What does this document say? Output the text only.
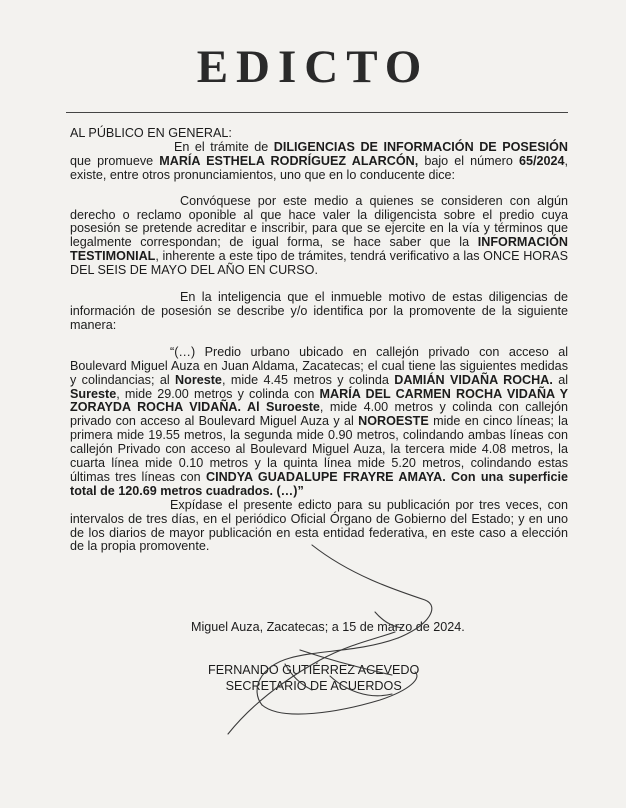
EDICTO

AL PÚBLICO EN GENERAL:

En el trámite de DILIGENCIAS DE INFORMACIÓN DE POSESIÓN que promueve MARÍA ESTHELA RODRÍGUEZ ALARCÓN, bajo el número 65/2024, existe, entre otros pronunciamientos, uno que en lo conducente dice:

Convóquese por este medio a quienes se consideren con algún derecho o reclamo oponible al que hace valer la diligencista sobre el predio cuya posesión se pretende acreditar e inscribir, para que se ejercite en la vía y términos que legalmente correspondan; de igual forma, se hace saber que la INFORMACIÓN TESTIMONIAL, inherente a este tipo de trámites, tendrá verificativo a las ONCE HORAS DEL SEIS DE MAYO DEL AÑO EN CURSO.

En la inteligencia que el inmueble motivo de estas diligencias de información de posesión se describe y/o identifica por la promovente de la siguiente manera:

“(…) Predio urbano ubicado en callejón privado con acceso al Boulevard Miguel Auza en Juan Aldama, Zacatecas; el cual tiene las siguientes medidas y colindancias; al Noreste, mide 4.45 metros y colinda DAMIÁN VIDAÑA ROCHA. al Sureste, mide 29.00 metros y colinda con MARÍA DEL CARMEN ROCHA VIDAÑA Y ZORAYDA ROCHA VIDAÑA. Al Suroeste, mide 4.00 metros y colinda con callejón privado con acceso al Boulevard Miguel Auza y al NOROESTE mide en cinco líneas; la primera mide 19.55 metros, la segunda mide 0.90 metros, colindando ambas líneas con callejón Privado con acceso al Boulevard Miguel Auza, la tercera mide 4.08 metros, la cuarta línea mide 0.10 metros y la quinta línea mide 5.20 metros, colindando estas últimas tres líneas con CINDYA GUADALUPE FRAYRE AMAYA. Con una superficie total de 120.69 metros cuadrados. (…)”

Expídase el presente edicto para su publicación por tres veces, con intervalos de tres días, en el periódico Oficial Órgano de Gobierno del Estado; y en uno de los diarios de mayor publicación en esta entidad federativa, en este caso a elección de la propia promovente.

Miguel Auza, Zacatecas; a 15 de marzo de 2024.
FERNANDO GUTIÉRREZ ACEVEDO
SECRETARIO DE ACUERDOS
